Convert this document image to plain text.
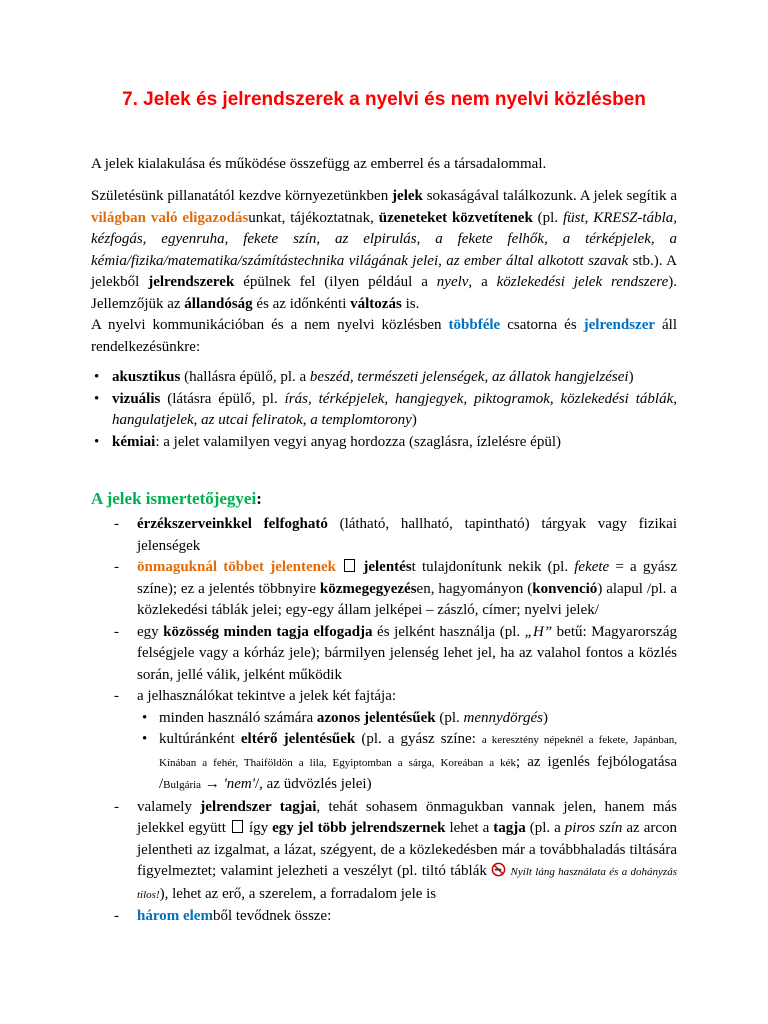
7. Jelek és jelrendszerek a nyelvi és nem nyelvi közlésben

A jelek kialakulása és működése összefügg az emberrel és a társadalommal.

Születésünk pillanatától kezdve környezetünkben jelek sokaságával találkozunk. A jelek segítik a világban való eligazodásunkat, tájékoztatnak, üzeneteket közvetítenek (pl. füst, KRESZ-tábla, kézfogás, egyenruha, fekete szín, az elpirulás, a fekete felhők, a térképjelek, a kémia/fizika/matematika/számítástechnika világának jelei, az ember által alkotott szavak stb.). A jelekből jelrendszerek épülnek fel (ilyen például a nyelv, a közlekedési jelek rendszere). Jellemzőjük az állandóság és az időnkénti változás is.

A nyelvi kommunikációban és a nem nyelvi közlésben többféle csatorna és jelrendszer áll rendelkezésünkre:

• akusztikus (hallásra épülő, pl. a beszéd, természeti jelenségek, az állatok hangjelzései)
• vizuális (látásra épülő, pl. írás, térképjelek, hangjegyek, piktogramok, közlekedési táblák, hangulatjelek, az utcai feliratok, a templomtorony)
• kémiai: a jelet valamilyen vegyi anyag hordozza (szaglásra, ízlelésre épül)
A jelek ismertetőjegyei:
- érzékszerveinkkel felfogható (látható, hallható, tapintható) tárgyak vagy fizikai jelenségek
- önmaguknál többet jelentenek jelentést tulajdonítunk nekik (pl. fekete = a gyász színe); ez a jelentés többnyire közmegegyezésen, hagyományon (konvenció) alapul /pl. a közlekedési táblák jelei; egy-egy állam jelképei – zászló, címer; nyelvi jelek/
- egy közösség minden tagja elfogadja és jelként használja (pl. „H” betű: Magyarország felségjele vagy a kórház jele); bármilyen jelenség lehet jel, ha az valahol fontos a közlés során, jellé válik, jelként működik
- a jelhasználókat tekintve a jelek két fajtája:
• minden használó számára azonos jelentésűek (pl. mennydörgés)
• kultúránként eltérő jelentésűek (pl. a gyász színe: a keresztény népeknél a fekete, Japánban, Kínában a fehér, Thaiföldön a lila, Egyiptomban a sárga, Koreában a kék; az igenlés fejbólogatása /Bulgária → 'nem'/, az üdvözlés jelei)
- valamely jelrendszer tagjai, tehát sohasem önmagukban vannak jelen, hanem más jelekkel együtt  így egy jel több jelrendszernek lehet a tagja (pl. a piros szín az arcon jelentheti az izgalmat, a lázat, szégyent, de a közlekedésben már a továbbhaladás tiltására figyelmeztet; valamint jelezheti a veszélyt (pl. tiltó táblák  Nyílt láng használata és a dohányzás tilos!), lehet az erő, a szerelem, a forradalom jele is
- három elemből tevődnek össze:
